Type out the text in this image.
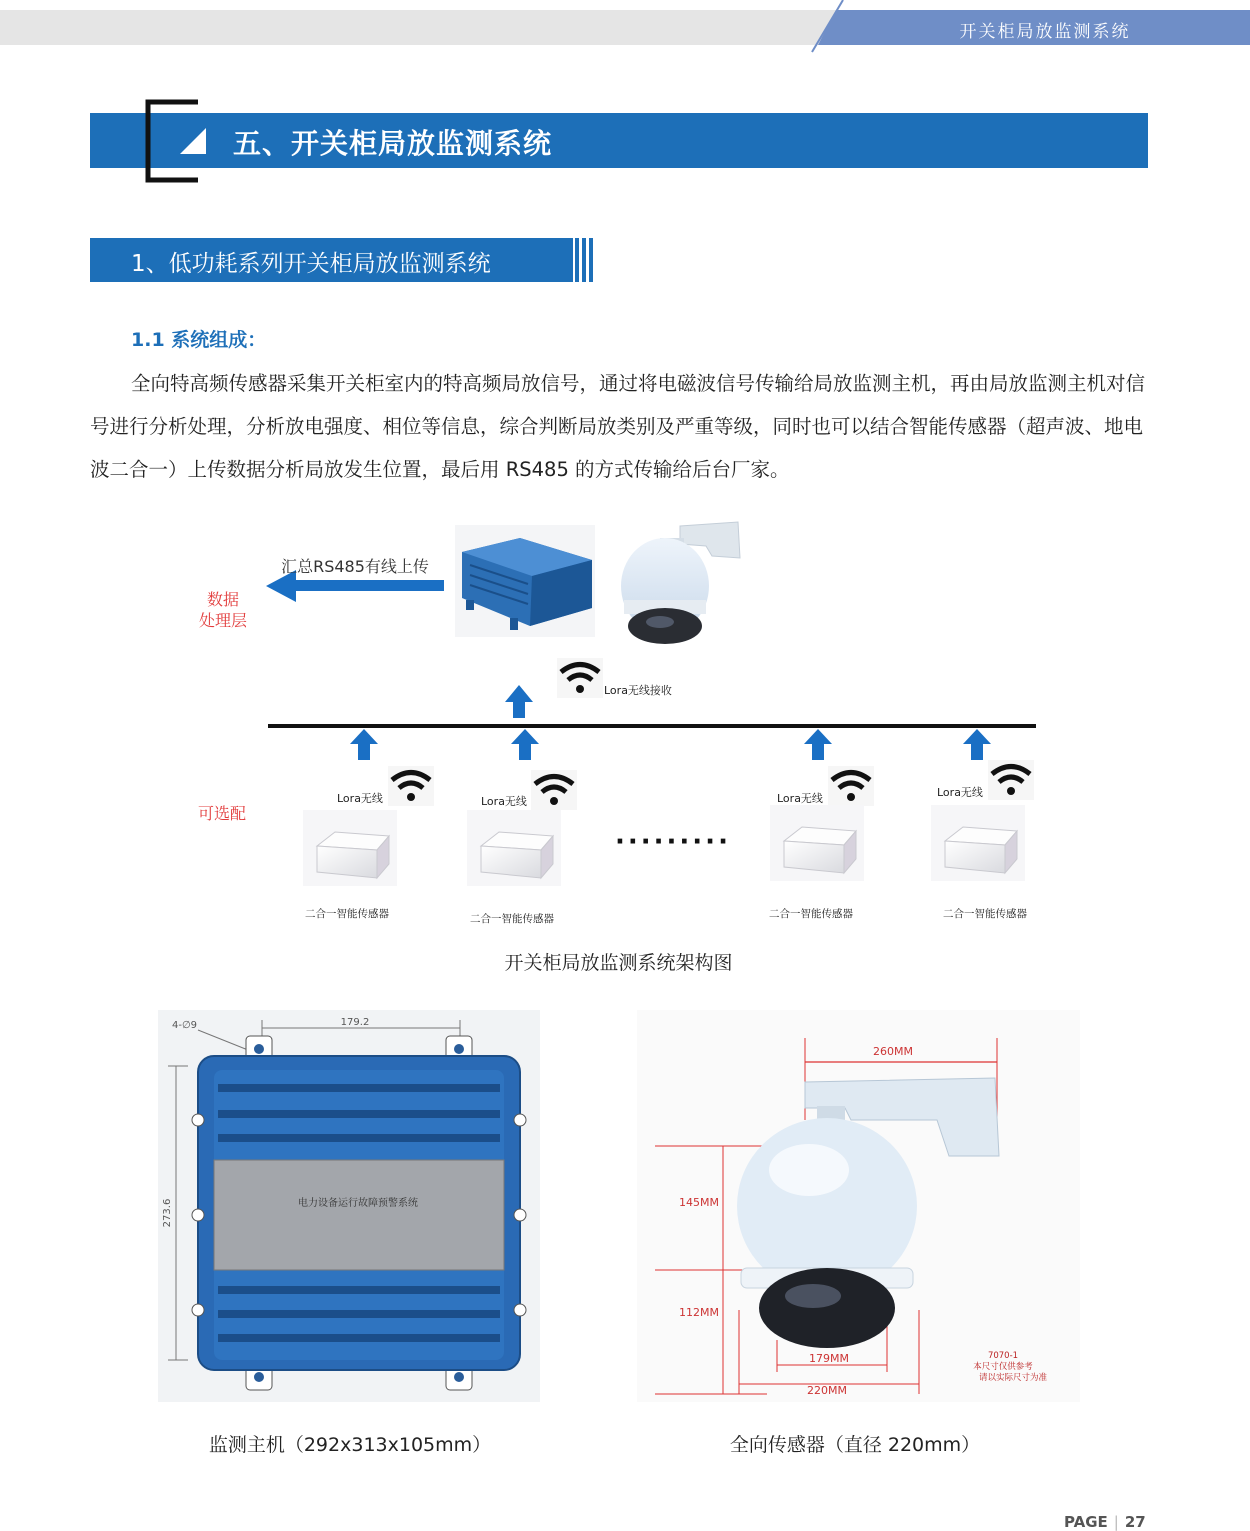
开关柜局放监测系统
五、开关柜局放监测系统
1、低功耗系列开关柜局放监测系统
1.1 系统组成：
全向特高频传感器采集开关柜室内的特高频局放信号，通过将电磁波信号传输给局放监测主机，再由局放监测主机对信号进行分析处理，分析放电强度、相位等信息，综合判断局放类别及严重等级，同时也可以结合智能传感器（超声波、地电波二合一）上传数据分析局放发生位置，最后用 RS485 的方式传输给后台厂家。
汇总RS485有线上传
数据
处理层
Lora无线接收
可选配
·········
Lora无线
二合一智能传感器
Lora无线
二合一智能传感器
Lora无线
二合一智能传感器
Lora无线
二合一智能传感器
开关柜局放监测系统架构图
179.2
273.6
4-∅9
电力设备运行故障预警系统
监测主机（292x313x105mm）
260MM
145MM
112MM
179MM
220MM
7070-1
本尺寸仅供参考
请以实际尺寸为准
全向传感器（直径 220mm）
PAGE | 27
